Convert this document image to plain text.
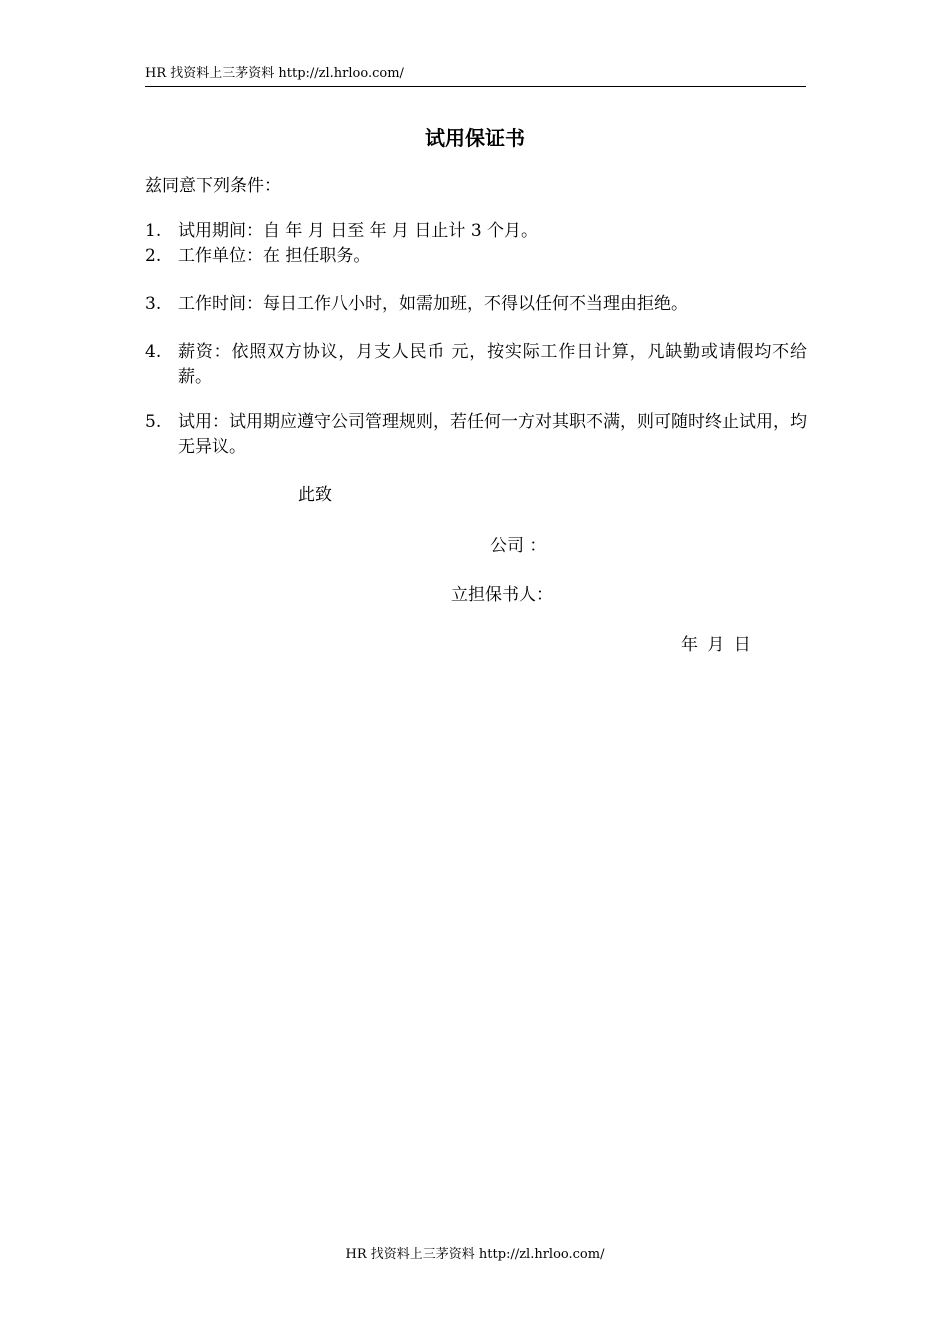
HR 找资料上三茅资料 http://zl.hrloo.com/
试用保证书
兹同意下列条件：
1. 试用期间：自 年 月 日至 年 月 日止计 3 个月。
2. 工作单位：在 担任职务。
3. 工作时间：每日工作八小时，如需加班，不得以任何不当理由拒绝。
4. 薪资：依照双方协议，月支人民币 元，按实际工作日计算，凡缺勤或请假均不给薪。
5. 试用：试用期应遵守公司管理规则，若任何一方对其职不满，则可随时终止试用，均无异议。
此致
公司 ：
立担保书人：
年 月 日
HR 找资料上三茅资料 http://zl.hrloo.com/
